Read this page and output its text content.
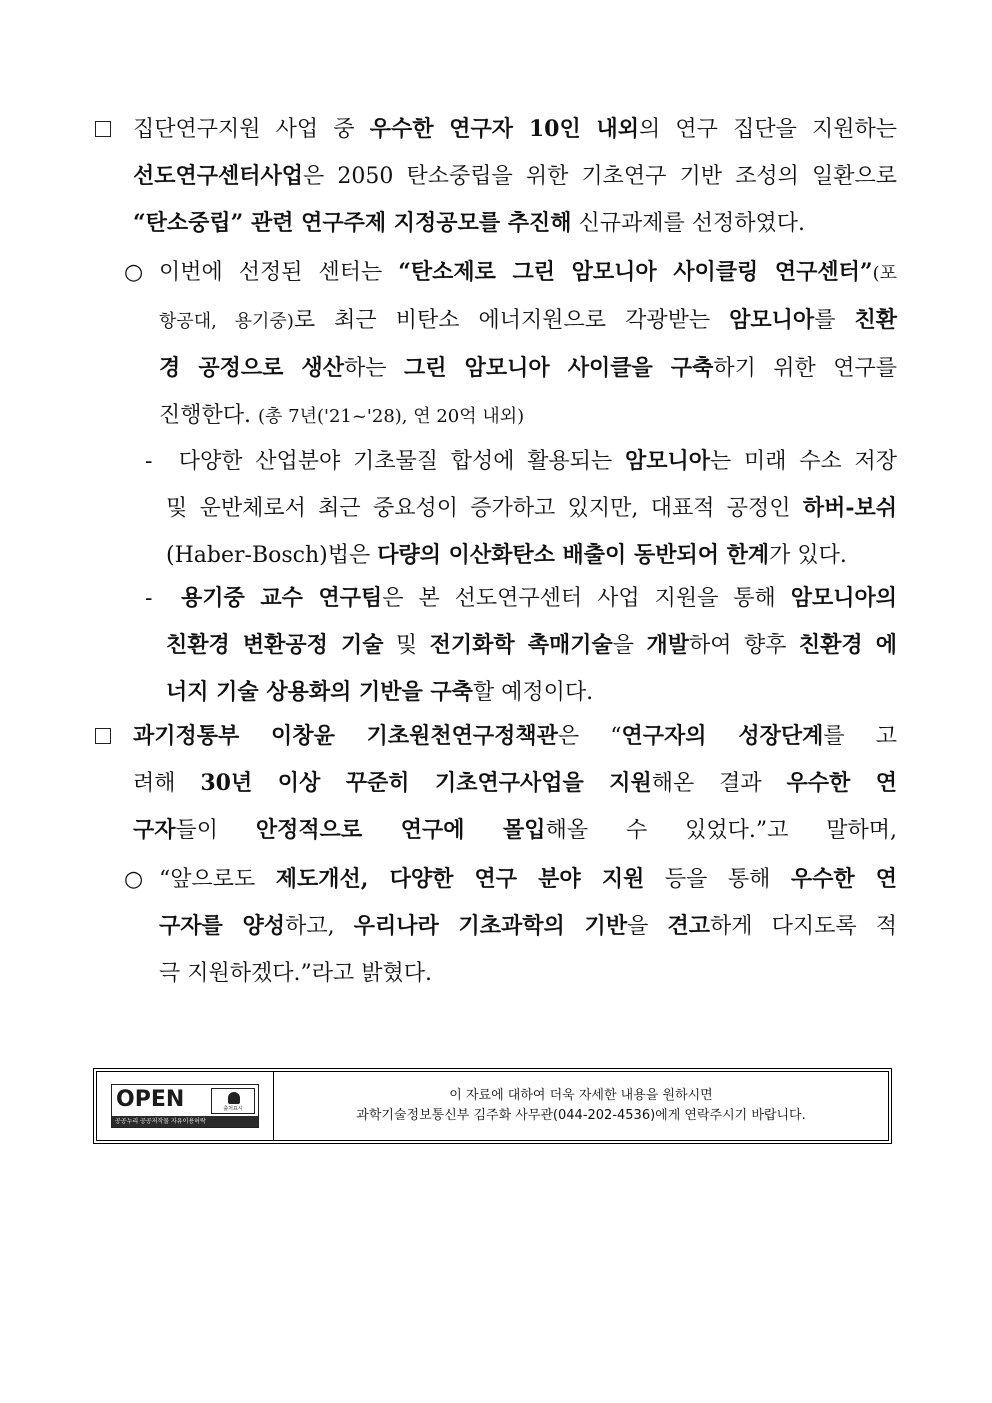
집단연구지원 사업 중 우수한 연구자 10인 내외의 연구 집단을 지원하는
선도연구센터사업은 2050 탄소중립을 위한 기초연구 기반 조성의 일환으로
“탄소중립” 관련 연구주제 지정공모를 추진해 신규과제를 선정하였다.
○ 이번에 선정된 센터는 “탄소제로 그린 암모니아 사이클링 연구센터”(포
항공대, 용기중)로 최근 비탄소 에너지원으로 각광받는 암모니아를 친환
경 공정으로 생산하는 그린 암모니아 사이클을 구축하기 위한 연구를
진행한다. (총 7년('21~'28), 연 20억 내외)
-	다양한 산업분야 기초물질 합성에 활용되는 암모니아는 미래 수소 저장
및 운반체로서 최근 중요성이 증가하고 있지만, 대표적 공정인 하버-보쉬
(Haber-Bosch)법은 다량의 이산화탄소 배출이 동반되어 한계가 있다.
-	용기중 교수 연구팀은 본 선도연구센터 사업 지원을 통해 암모니아의
친환경 변환공정 기술 및 전기화학 촉매기술을 개발하여 향후 친환경 에
너지 기술 상용화의 기반을 구축할 예정이다.
과기정통부 이창윤 기초원천연구정책관은 “연구자의 성장단계를 고
려해 30년 이상 꾸준히 기초연구사업을 지원해온 결과 우수한 연
구자들이 안정적으로 연구에 몰입해올 수 있었다.”고 말하며,
○ “앞으로도 제도개선, 다양한 연구 분야 지원 등을 통해 우수한 연
구자를 양성하고, 우리나라 기초과학의 기반을 견고하게 다지도록 적
극 지원하겠다.”라고 밝혔다.
OPEN	출처표시
공공누리 공공저작물 자유이용허락
이 자료에 대하여 더욱 자세한 내용을 원하시면
과학기술정보통신부 김주화 사무관(044-202-4536)에게 연락주시기 바랍니다.
